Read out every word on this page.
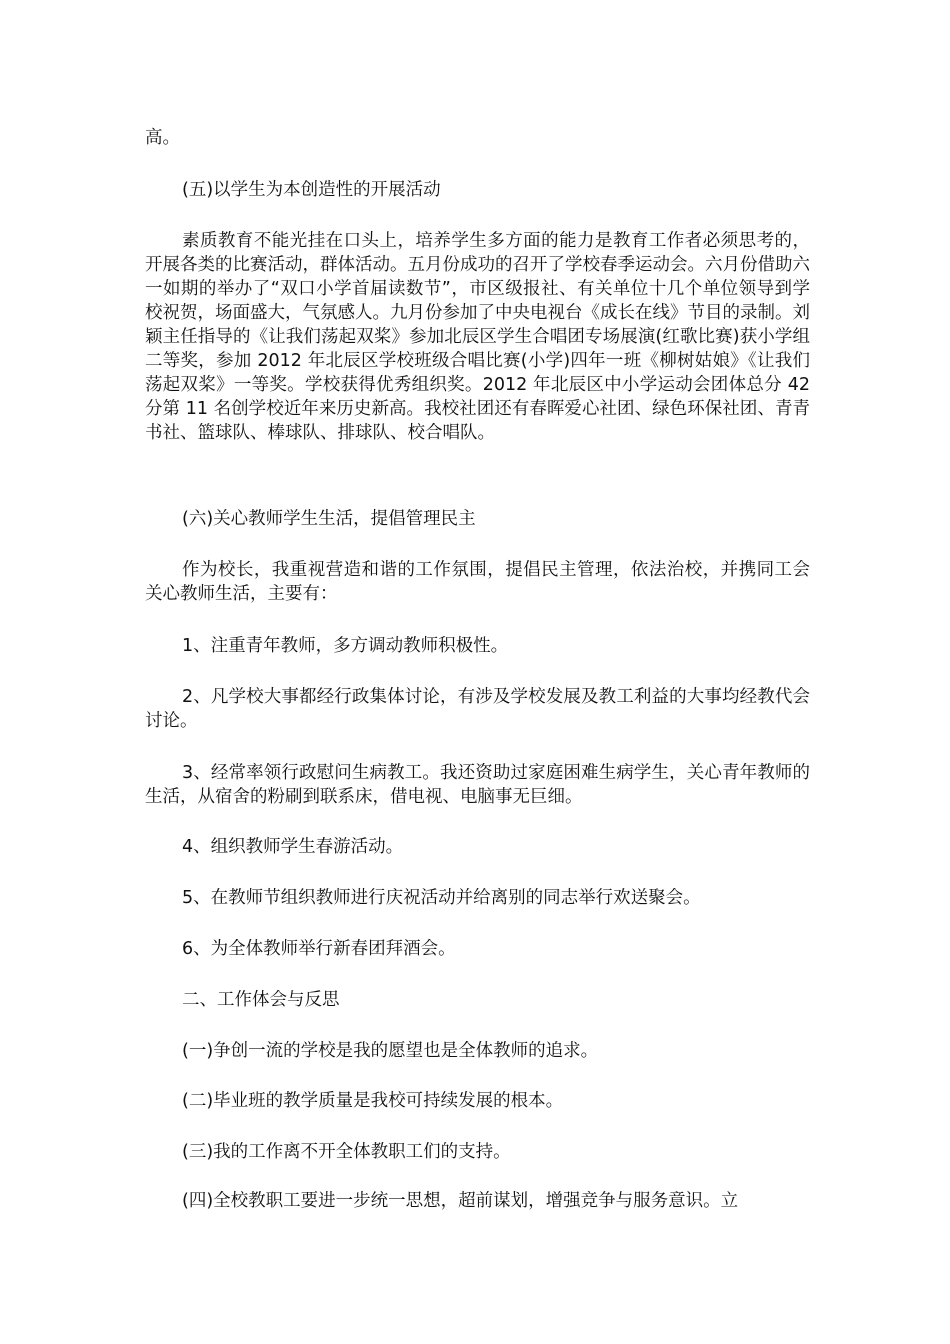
高。

(五)以学生为本创造性的开展活动

素质教育不能光挂在口头上，培养学生多方面的能力是教育工作者必须思考的，开展各类的比赛活动，群体活动。五月份成功的召开了学校春季运动会。六月份借助六一如期的举办了“双口小学首届读数节”，市区级报社、有关单位十几个单位领导到学校祝贺，场面盛大，气氛感人。九月份参加了中央电视台《成长在线》节目的录制。刘颖主任指导的《让我们荡起双桨》参加北辰区学生合唱团专场展演(红歌比赛)获小学组二等奖，参加 2012 年北辰区学校班级合唱比赛(小学)四年一班《柳树姑娘》《让我们荡起双桨》一等奖。学校获得优秀组织奖。2012 年北辰区中小学运动会团体总分 42 分第 11 名创学校近年来历史新高。我校社团还有春晖爱心社团、绿色环保社团、青青书社、篮球队、棒球队、排球队、校合唱队。

(六)关心教师学生生活，提倡管理民主

作为校长，我重视营造和谐的工作氛围，提倡民主管理，依法治校，并携同工会关心教师生活，主要有：

1、注重青年教师，多方调动教师积极性。

2、凡学校大事都经行政集体讨论，有涉及学校发展及教工利益的大事均经教代会讨论。

3、经常率领行政慰问生病教工。我还资助过家庭困难生病学生，关心青年教师的生活，从宿舍的粉刷到联系床，借电视、电脑事无巨细。

4、组织教师学生春游活动。

5、在教师节组织教师进行庆祝活动并给离别的同志举行欢送聚会。

6、为全体教师举行新春团拜酒会。

二、工作体会与反思

(一)争创一流的学校是我的愿望也是全体教师的追求。

(二)毕业班的教学质量是我校可持续发展的根本。

(三)我的工作离不开全体教职工们的支持。

(四)全校教职工要进一步统一思想，超前谋划，增强竞争与服务意识。立
